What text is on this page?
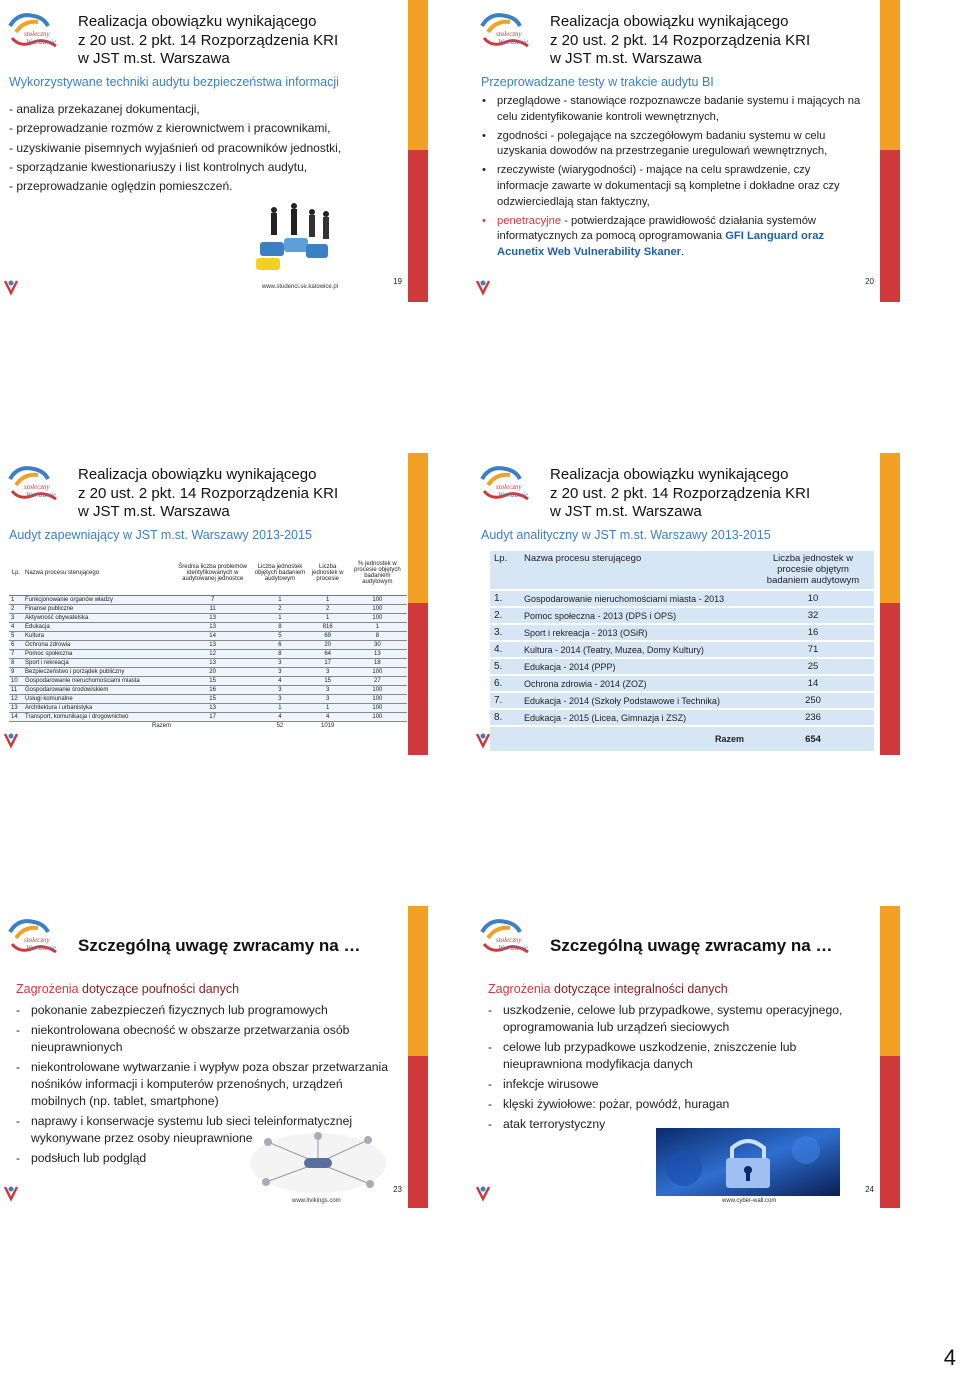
stołeczny
Warszawie
Realizacja obowiązku wynikającego
z 20 ust. 2 pkt. 14 Rozporządzenia KRI
w JST m.st. Warszawa
Wykorzystywane techniki audytu bezpieczeństwa informacji
- analiza przekazanej dokumentacji,
- przeprowadzanie rozmów z kierownictwem i pracownikami,
- uzyskiwanie pisemnych wyjaśnień od pracowników jednostki,
- sporządzanie kwestionariuszy i list kontrolnych audytu,
- przeprowadzanie oględzin pomieszczeń.
www.studenci.se.katowice.pl
19
stołeczny
Warszawie
Realizacja obowiązku wynikającego
z 20 ust. 2 pkt. 14 Rozporządzenia KRI
w JST m.st. Warszawa
Przeprowadzane testy w trakcie audytu BI
• przeglądowe - stanowiące rozpoznawcze badanie systemu i mających na celu zidentyfikowanie kontroli wewnętrznych,
• zgodności - polegające na szczegółowym badaniu systemu w celu uzyskania dowodów na przestrzeganie uregulowań wewnętrznych,
• rzeczywiste (wiarygodności) - mające na celu sprawdzenie, czy informacje zawarte w dokumentacji są kompletne i dokładne oraz czy odzwierciedlają stan faktyczny,
• penetracyjne - potwierdzające prawidłowość działania systemów informatycznych za pomocą oprogramowania GFI Languard oraz Acunetix Web Vulnerability Skaner.
20
stołeczny
Warszawie
Realizacja obowiązku wynikającego
z 20 ust. 2 pkt. 14 Rozporządzenia KRI
w JST m.st. Warszawa
Audyt zapewniający w JST m.st. Warszawy 2013-2015
Lp.	Nazwa procesu sterującego	Średnia liczba problemów identyfikowanych w audytowanej jednostce	Liczba jednostek objętych badaniem audytowym	Liczba jednostek w procesie	% jednostek w procesie objętych badaniem audytowym
1	Funkcjonowanie organów władzy	7	1	1	100
2	Finanse publiczne	11	2	2	100
3	Aktywność obywatelska	13	1	1	100
4	Edukacja	13	8	816	1
5	Kultura	14	5	69	8
6	Ochrona zdrowia	13	6	20	30
7	Pomoc społeczna	12	8	64	13
8	Sport i rekreacja	13	3	17	18
9	Bezpieczeństwo i porządek publiczny	20	3	3	100
10	Gospodarowanie nieruchomościami miasta	15	4	15	27
11	Gospodarowanie środowiskiem	16	3	3	100
12	Usługi komunalne	15	3	3	100
13	Architektura i urbanistyka	13	1	1	100
14	Transport, komunikacja i drogownictwo	17	4	4	100
	Razem		52	1019	
stołeczny
Warszawie
Realizacja obowiązku wynikającego
z 20 ust. 2 pkt. 14 Rozporządzenia KRI
w JST m.st. Warszawa
Audyt analityczny w JST m.st. Warszawy 2013-2015
Lp.	Nazwa procesu sterującego	Liczba jednostek w procesie objętym badaniem audytowym
1.	Gospodarowanie nieruchomościami miasta - 2013	10
2.	Pomoc społeczna - 2013 (DPS i OPS)	32
3.	Sport i rekreacja - 2013 (OSiR)	16
4.	Kultura - 2014 (Teatry, Muzea, Domy Kultury)	71
5.	Edukacja - 2014 (PPP)	25
6.	Ochrona zdrowia - 2014 (ZOZ)	14
7.	Edukacja - 2014 (Szkoły Podstawowe i Technika)	250
8.	Edukacja - 2015 (Licea, Gimnazja i ZSZ)	236
	Razem	654
stołeczny
Warszawie Szczególną uwagę zwracamy na …
Zagrożenia dotyczące poufności danych
- pokonanie zabezpieczeń fizycznych lub programowych
- niekontrolowana obecność w obszarze przetwarzania osób nieuprawnionych
- niekontrolowane wytwarzanie i wypływ poza obszar przetwarzania nośników informacji i komputerów przenośnych, urządzeń mobilnych (np. tablet, smartphone)
- naprawy i konserwacje systemu lub sieci teleinformatycznej wykonywane przez osoby nieuprawnione
- podsłuch lub podgląd
www.itvikings.com
23
stołeczny
Warszawie Szczególną uwagę zwracamy na …
Zagrożenia dotyczące integralności danych
- uszkodzenie, celowe lub przypadkowe, systemu operacyjnego, oprogramowania lub urządzeń sieciowych
- celowe lub przypadkowe uszkodzenie, zniszczenie lub nieuprawniona modyfikacja danych
- infekcje wirusowe
- klęski żywiołowe: pożar, powódź, huragan
- atak terrorystyczny
www.cyber-wall.com
24
4
